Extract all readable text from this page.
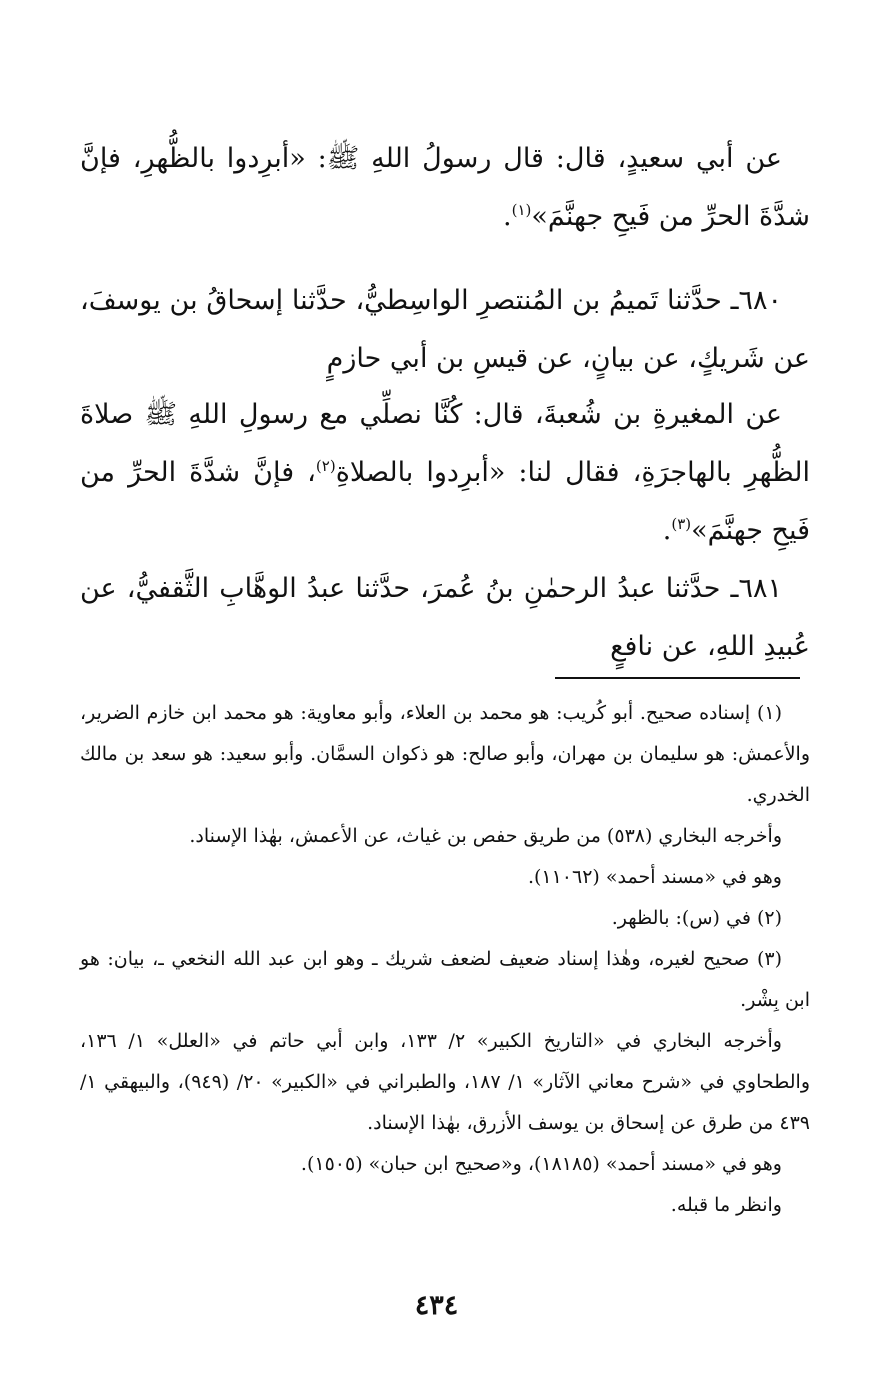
عن أبي سعيدٍ، قال: قال رسولُ اللهِ ﷺ: «أبرِدوا بالظُّهرِ، فإنَّ شدَّةَ الحرِّ من فَيحِ جهنَّمَ»$^{(١)}$.

٦٨٠ـ حدَّثنا تَميمُ بن المُنتصرِ الواسِطيُّ، حدَّثنا إسحاقُ بن يوسفَ، عن شَريكٍ، عن بيانٍ، عن قيسِ بن أبي حازمٍ

عن المغيرةِ بن شُعبةَ، قال: كُنَّا نصلِّي مع رسولِ اللهِ ﷺ صلاةَ الظُّهرِ بالهاجرَةِ، فقال لنا: «أبرِدوا بالصلاةِ$^{(٢)}$، فإنَّ شدَّةَ الحرِّ من فَيحِ جهنَّمَ»$^{(٣)}$.

٦٨١ـ حدَّثنا عبدُ الرحمٰنِ بنُ عُمرَ، حدَّثنا عبدُ الوهَّابِ الثَّقفيُّ، عن عُبيدِ اللهِ، عن نافعٍ

(١) إسناده صحيح. أبو كُريب: هو محمد بن العلاء، وأبو معاوية: هو محمد ابن خازم الضرير، والأعمش: هو سليمان بن مهران، وأبو صالح: هو ذكوان السمَّان. وأبو سعيد: هو سعد بن مالك الخدري.

وأخرجه البخاري (٥٣٨) من طريق حفص بن غياث، عن الأعمش، بهٰذا الإسناد.

وهو في «مسند أحمد» (١١٠٦٢).

(٢) في (س): بالظهر.

(٣) صحيح لغيره، وهٰذا إسناد ضعيف لضعف شريك ـ وهو ابن عبد الله النخعي ـ، بيان: هو ابن بِشْر.

وأخرجه البخاري في «التاريخ الكبير» ٢/ ١٣٣، وابن أبي حاتم في «العلل» ١/ ١٣٦، والطحاوي في «شرح معاني الآثار» ١/ ١٨٧، والطبراني في «الكبير» ٢٠/ (٩٤٩)، والبيهقي ١/ ٤٣٩ من طرق عن إسحاق بن يوسف الأزرق، بهٰذا الإسناد.

وهو في «مسند أحمد» (١٨١٨٥)، و«صحيح ابن حبان» (١٥٠٥).

وانظر ما قبله.

٤٣٤
